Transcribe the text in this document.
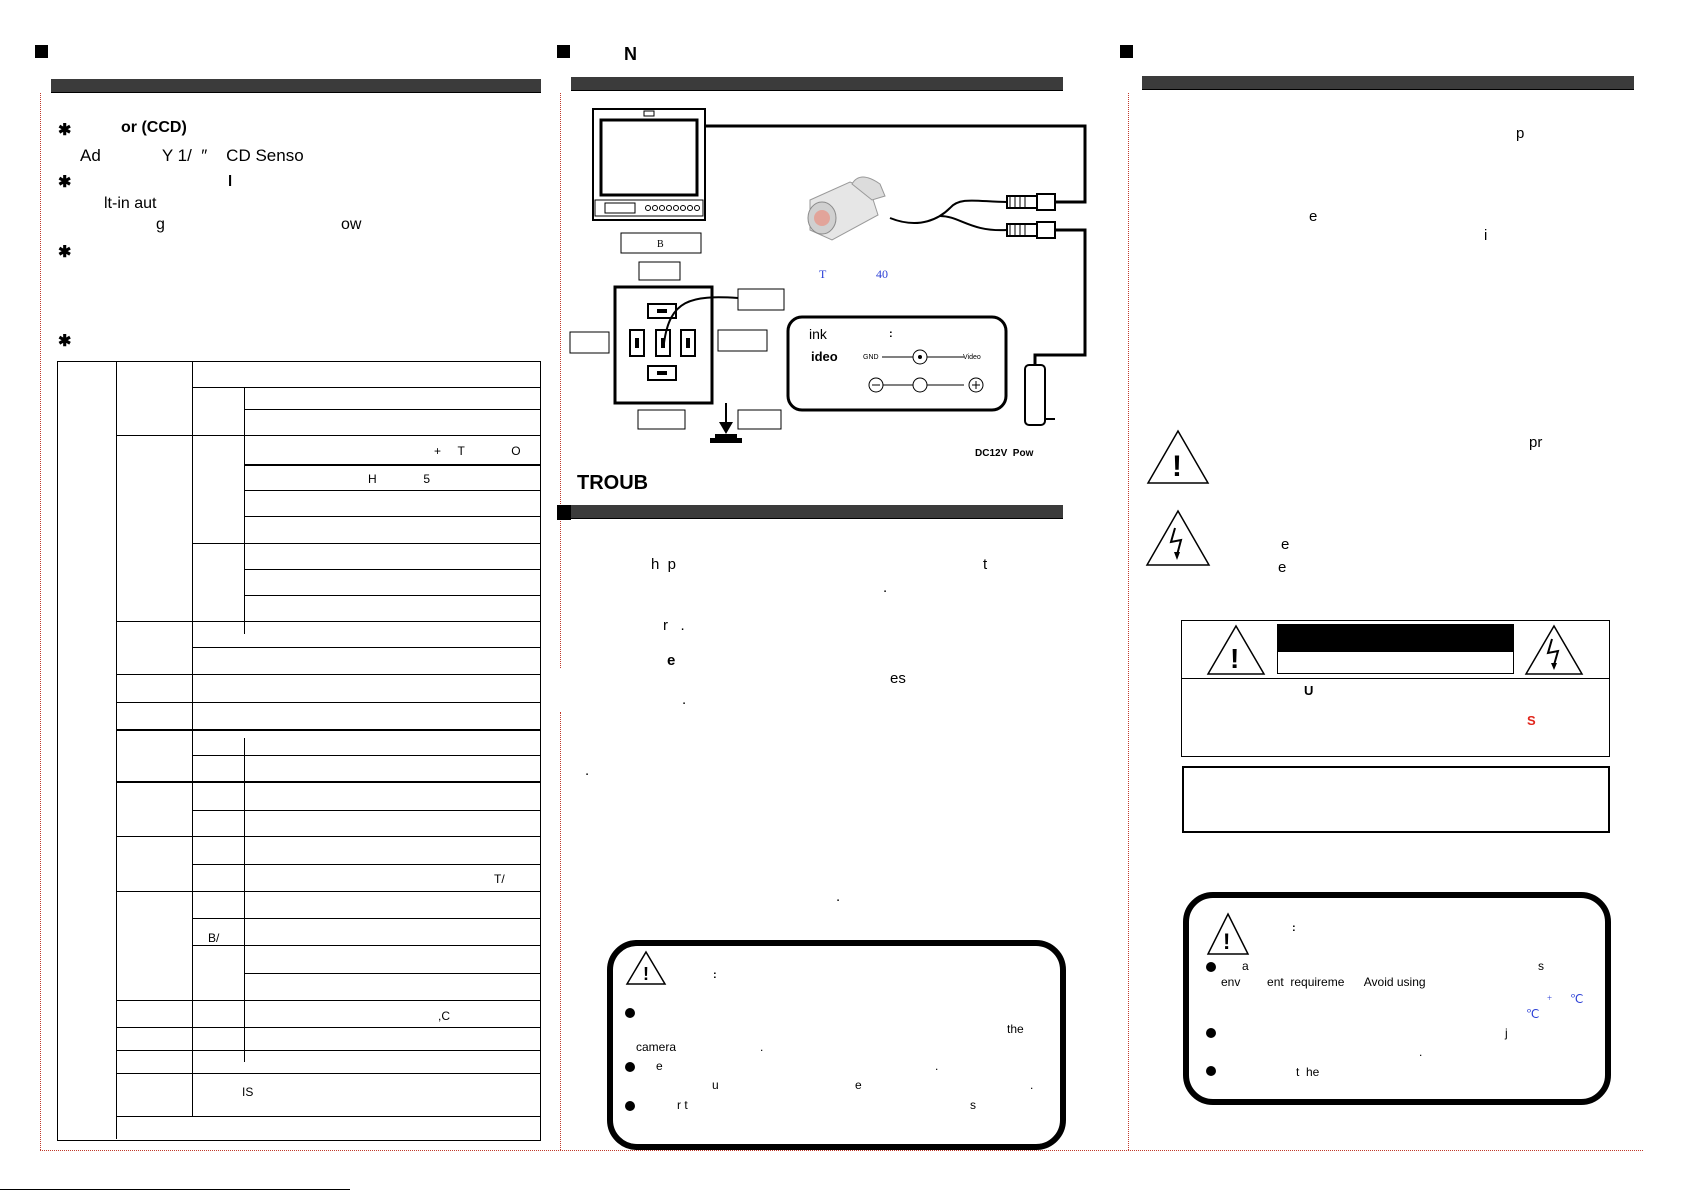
N
✱	or (CCD)
Ad             Y 1/  ″    CD Senso
✱	l
lt-in aut
g	ow
✱
✱
+     T              O
H              5
T/
B/
,C
IS
B
T	40
ink	:
ideo	GND	Video
DC12V  Pow
TROUB
h  p	t
.
r   .
e
es
.
.
.
!	:
the
camera	.
e	.
u	e	.
r t	s
p
e
i
pr
!
e
e
!
U
S
!
:
a	s
env        ent  requireme      Avoid using
+ ℃
℃
j
.
t  he
